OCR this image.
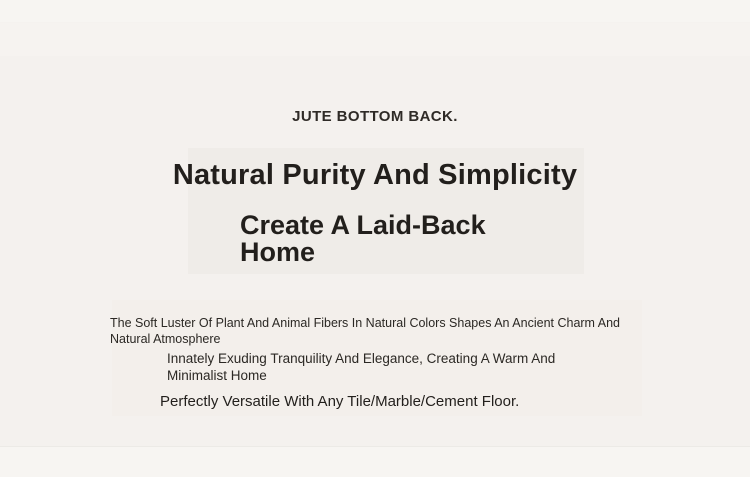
JUTE BOTTOM BACK.
Natural Purity And Simplicity
Create A Laid-Back Home
The Soft Luster Of Plant And Animal Fibers In Natural Colors Shapes An Ancient Charm And Natural Atmosphere
Innately Exuding Tranquility And Elegance, Creating A Warm And Minimalist Home
Perfectly Versatile With Any Tile/Marble/Cement Floor.
